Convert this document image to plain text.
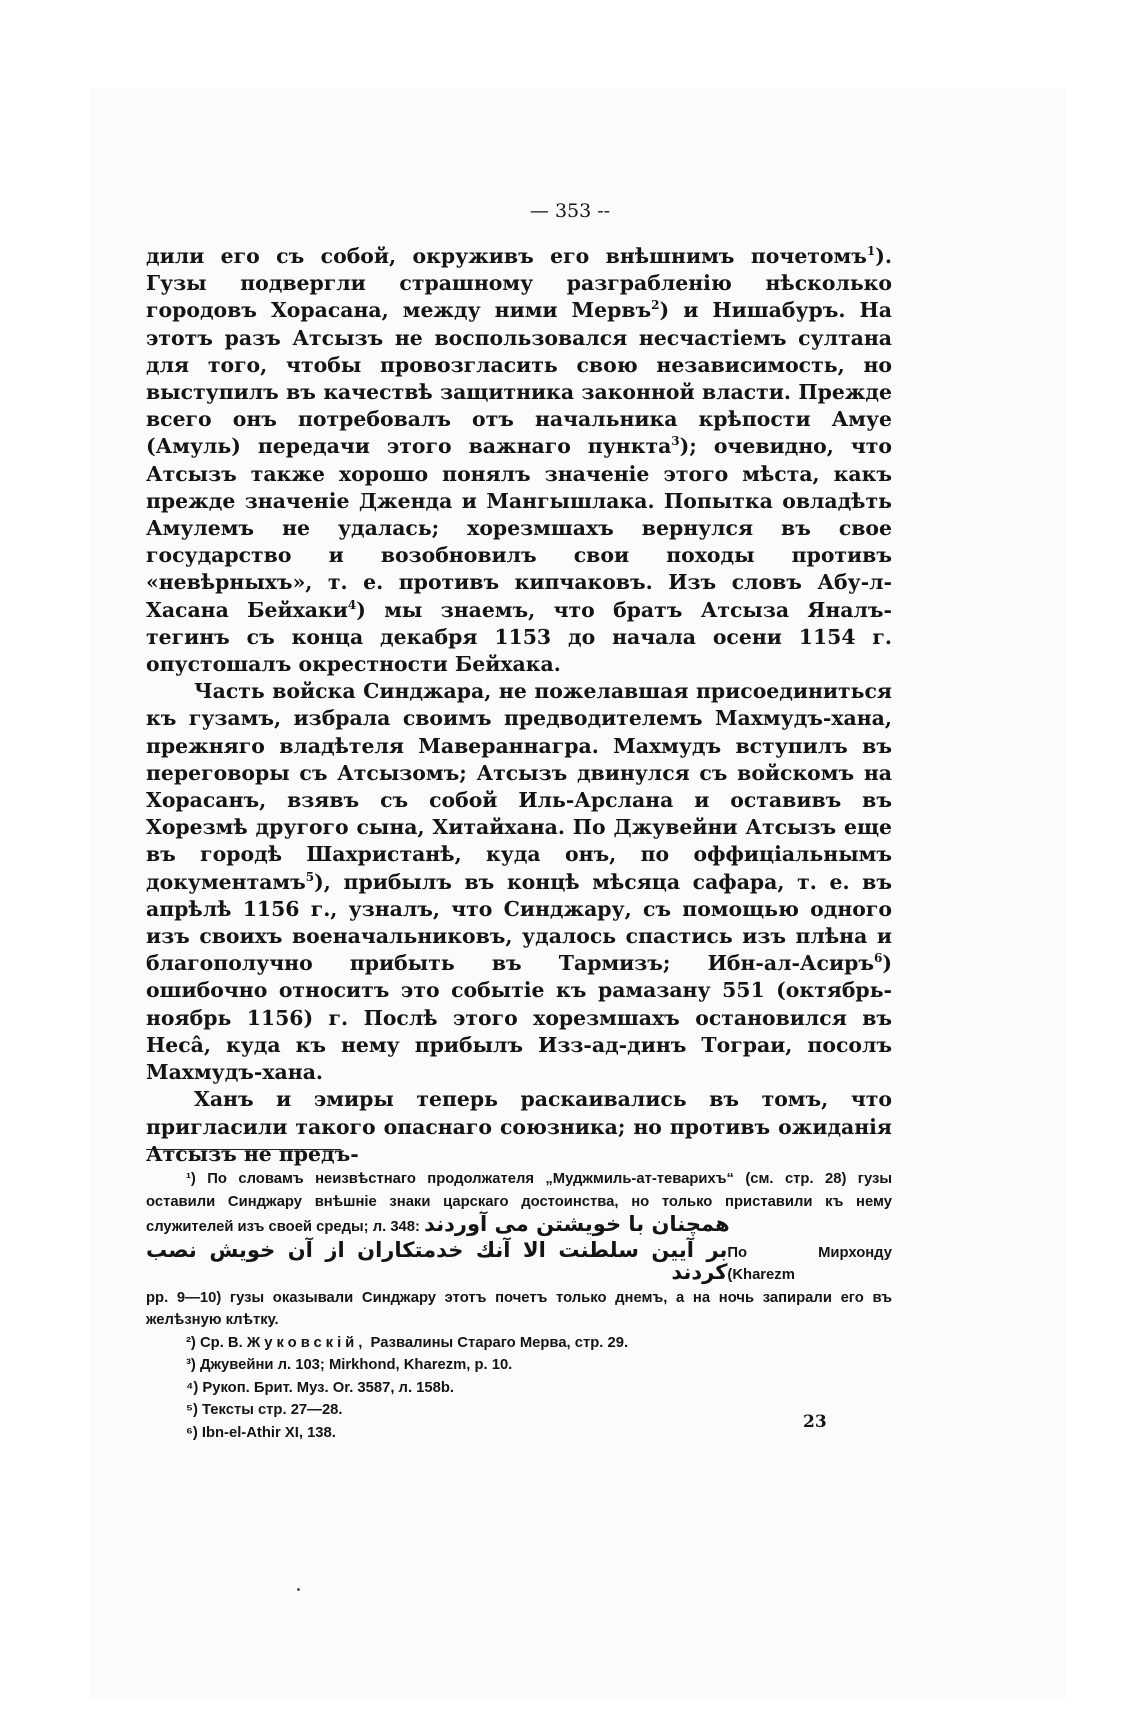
— 353 --

дили его съ собой, окруживъ его внѣшнимъ почетомъ$^1$). Гузы подвергли страшному разграбленію нѣсколько городовъ Хорасана, между ними Мервъ$^2$) и Нишабуръ. На этотъ разъ Атсызъ не воспользовался несчастіемъ султана для того, чтобы провозгласить свою независимость, но выступилъ въ качествѣ защитника законной власти. Прежде всего онъ потребовалъ отъ начальника крѣпости Амуе (Амуль) передачи этого важнаго пункта$^3$); очевидно, что Атсызъ также хорошо понялъ значеніе этого мѣста, какъ прежде значеніе Дженда и Мангышлака. Попытка овладѣть Амулемъ не удалась; хорезмшахъ вернулся въ свое государство и возобновилъ свои походы противъ «невѣрныхъ», т. е. противъ кипчаковъ. Изъ словъ Абу-л-Хасана Бейхаки$^4$) мы знаемъ, что братъ Атсыза Яналъ-тегинъ съ конца декабря 1153 до начала осени 1154 г. опустошалъ окрестности Бейхака.

Часть войска Синджара, не пожелавшая присоединиться къ гузамъ, избрала своимъ предводителемъ Махмудъ-хана, прежняго владѣтеля Мавераннагра. Махмудъ вступилъ въ переговоры съ Атсызомъ; Атсызъ двинулся съ войскомъ на Хорасанъ, взявъ съ собой Иль-Арслана и оставивъ въ Хорезмѣ другого сына, Хитайхана. По Джувейни Атсызъ еще въ городѣ Шахристанѣ, куда онъ, по оффиціальнымъ документамъ$^5$), прибылъ въ концѣ мѣсяца сафара, т. е. въ апрѣлѣ 1156 г., узналъ, что Синджару, съ помощью одного изъ своихъ военачальниковъ, удалось спастись изъ плѣна и благополучно прибыть въ Тармизъ; Ибн-ал-Асиръ$^6$) ошибочно относитъ это событіе къ рамазану 551 (октябрь-ноябрь 1156) г. Послѣ этого хорезмшахъ остановился въ Несâ, куда къ нему прибылъ Изз-ад-динъ Тограи, посолъ Махмудъ-хана.

Ханъ и эмиры теперь раскаивались въ томъ, что пригласили такого опаснаго союзника; но противъ ожиданія Атсызъ не предъ-

¹) По словамъ неизвѣстнаго продолжателя „Муджмиль-ат-теварихъ“ (см. стр. 28) гузы оставили Синджару внѣшніе знаки царскаго достоинства, но только приставили къ нему служителей изъ своей среды; л. 348: همچنان با خویشتن می آوردند

بر آیین سلطنت الا آنك خدمتکاران از آن خویش نصب کردند
По Мирхонду (Kharezm

pp. 9—10) гузы оказывали Синджару этотъ почетъ только днемъ, а на ночь запирали его въ желѣзную клѣтку.

²) Ср. В. Жуковскій, Развалины Стараго Мерва, стр. 29.

³) Джувейни л. 103; Mirkhond, Kharezm, p. 10.

⁴) Рукоп. Брит. Муз. Or. 3587, л. 158b.

⁵) Тексты стр. 27—28.

⁶) Ibn-el-Athir XI, 138.

23
